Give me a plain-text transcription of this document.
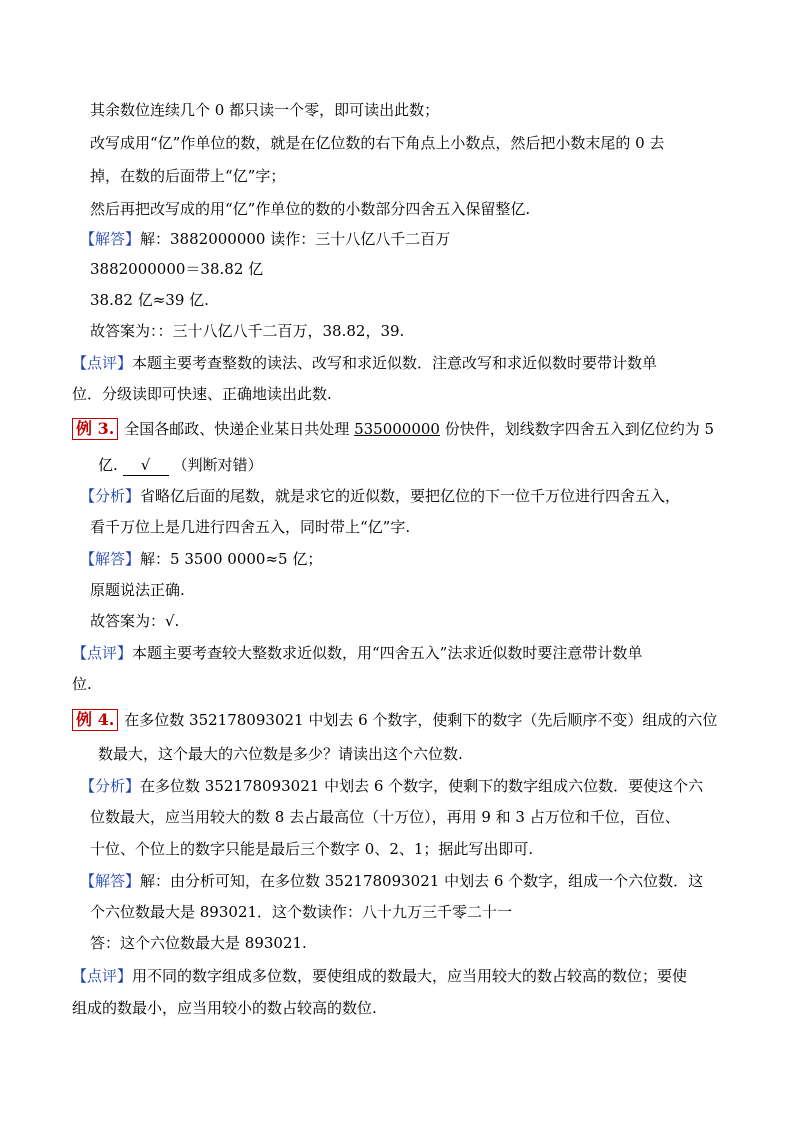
其余数位连续几个 0 都只读一个零，即可读出此数；
改写成用“亿”作单位的数，就是在亿位数的右下角点上小数点，然后把小数末尾的 0 去
掉，在数的后面带上“亿”字；
然后再把改写成的用“亿”作单位的数的小数部分四舍五入保留整亿.
【解答】解：3882000000 读作：三十八亿八千二百万
3882000000＝38.82 亿
38.82 亿≈39 亿.
故答案为：：三十八亿八千二百万，38.82，39.
【点评】本题主要考查整数的读法、改写和求近似数．注意改写和求近似数时要带计数单
位．分级读即可快速、正确地读出此数.
例 3. 全国各邮政、快递企业某日共处理 535000000 份快件，划线数字四舍五入到亿位约为 5
亿. √ （判断对错）
【分析】省略亿后面的尾数，就是求它的近似数，要把亿位的下一位千万位进行四舍五入，
看千万位上是几进行四舍五入，同时带上“亿”字.
【解答】解：5 3500 0000≈5 亿；
原题说法正确.
故答案为：√.
【点评】本题主要考查较大整数求近似数，用“四舍五入”法求近似数时要注意带计数单
位.
例 4. 在多位数 352178093021 中划去 6 个数字，使剩下的数字（先后顺序不变）组成的六位
数最大，这个最大的六位数是多少？请读出这个六位数.
【分析】在多位数 352178093021 中划去 6 个数字，使剩下的数字组成六位数．要使这个六
位数最大，应当用较大的数 8 去占最高位（十万位），再用 9 和 3 占万位和千位，百位、
十位、个位上的数字只能是最后三个数字 0、2、1；据此写出即可.
【解答】解：由分析可知，在多位数 352178093021 中划去 6 个数字，组成一个六位数．这
个六位数最大是 893021．这个数读作：八十九万三千零二十一
答：这个六位数最大是 893021.
【点评】用不同的数字组成多位数，要使组成的数最大，应当用较大的数占较高的数位；要使
组成的数最小，应当用较小的数占较高的数位.
